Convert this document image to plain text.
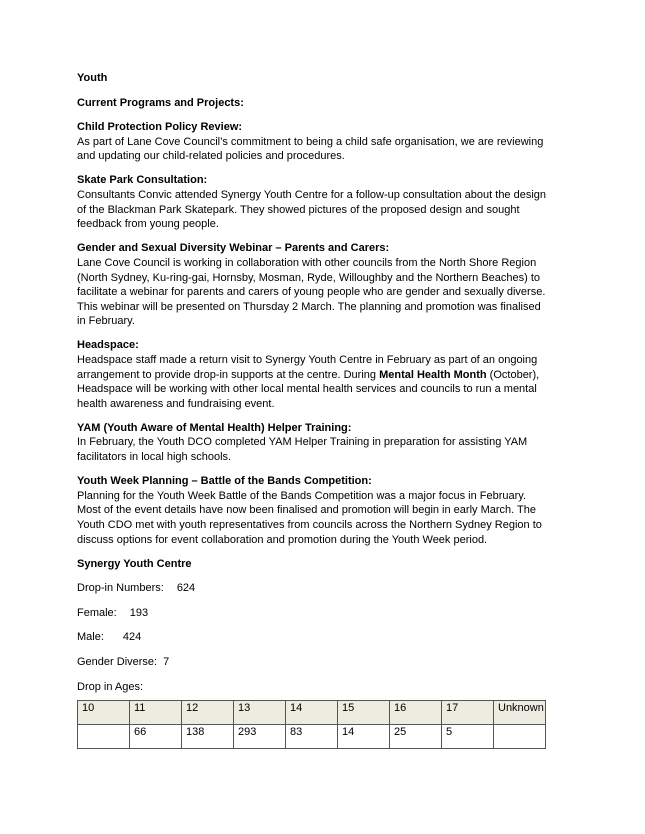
Youth

Current Programs and Projects:

Child Protection Policy Review:

As part of Lane Cove Council’s commitment to being a child safe organisation, we are reviewing and updating our child-related policies and procedures.

Skate Park Consultation:

Consultants Convic attended Synergy Youth Centre for a follow-up consultation about the design of the Blackman Park Skatepark. They showed pictures of the proposed design and sought feedback from young people.

Gender and Sexual Diversity Webinar – Parents and Carers:

Lane Cove Council is working in collaboration with other councils from the North Shore Region (North Sydney, Ku-ring-gai, Hornsby, Mosman, Ryde, Willoughby and the Northern Beaches) to facilitate a webinar for parents and carers of young people who are gender and sexually diverse. This webinar will be presented on Thursday 2 March. The planning and promotion was finalised in February.

Headspace:

Headspace staff made a return visit to Synergy Youth Centre in February as part of an ongoing arrangement to provide drop-in supports at the centre. During Mental Health Month (October), Headspace will be working with other local mental health services and councils to run a mental health awareness and fundraising event.

YAM (Youth Aware of Mental Health) Helper Training:

In February, the Youth DCO completed YAM Helper Training in preparation for assisting YAM facilitators in local high schools.

Youth Week Planning – Battle of the Bands Competition:

Planning for the Youth Week Battle of the Bands Competition was a major focus in February. Most of the event details have now been finalised and promotion will begin in early March. The Youth CDO met with youth representatives from councils across the Northern Sydney Region to discuss options for event collaboration and promotion during the Youth Week period.

Synergy Youth Centre

Drop-in Numbers: 624

Female: 193

Male: 424

Gender Diverse: 7

Drop in Ages:

10	11	12	13	14	15	16	17	Unknown
	66	138	293	83	14	25	5	
